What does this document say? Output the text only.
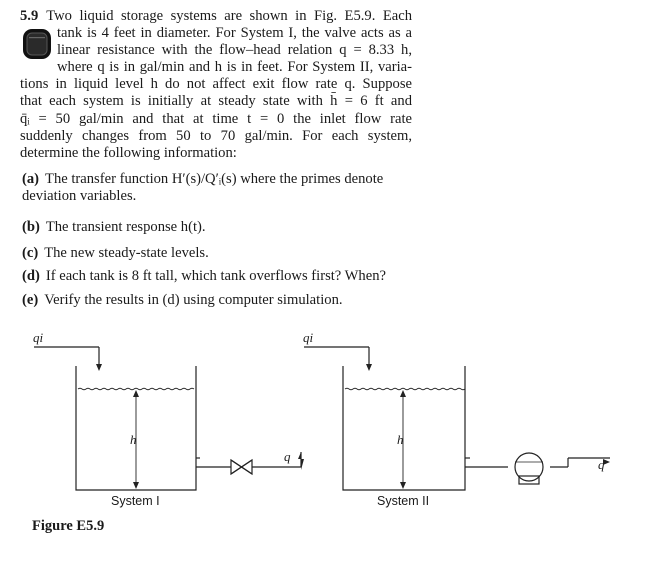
5.9 Two liquid storage systems are shown in Fig. E5.9. Each
tank is 4 feet in diameter. For System I, the valve acts as a
linear resistance with the flow–head relation q = 8.33 h,
where q is in gal/min and h is in feet. For System II, varia-
tions in liquid level h do not affect exit flow rate q. Suppose
that each system is initially at steady state with h̄ = 6 ft and
q̄ᵢ = 50 gal/min and that at time t = 0 the inlet flow rate
suddenly changes from 50 to 70 gal/min. For each system,
determine the following information:
(a) The transfer function H′(s)/Q′ᵢ(s) where the primes denote
deviation variables.
(b) The transient response h(t).
(c) The new steady-state levels.
(d) If each tank is 8 ft tall, which tank overflows first? When?
(e) Verify the results in (d) using computer simulation.
qi
h
q
System I
qi
h
q
System II
Figure E5.9
